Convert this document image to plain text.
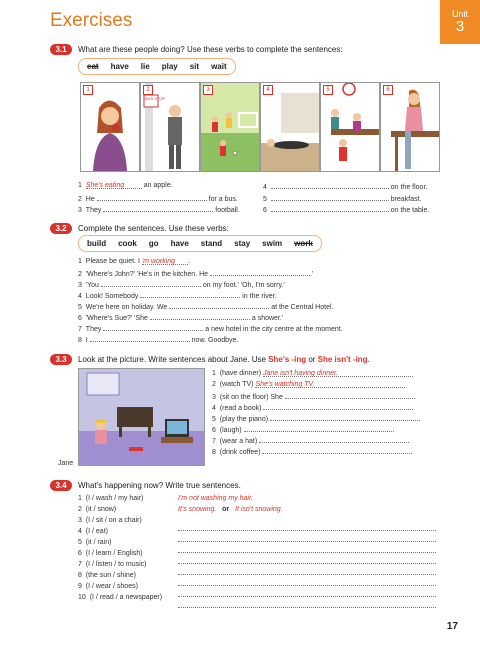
Exercises	Unit
3
3.1	What are these people doing? Use these verbs to complete the sentences:
eat have lie play sit wait
1	2
BUS STOP
3	4	5	6
1 She's eating	an apple.
2 He	for a bus.
3 They	football.
4	on the floor.
5	breakfast.
6	on the table.
3.2	Complete the sentences. Use these verbs:
build cook go have stand stay swim work
1 Please be quiet. I 'm working .
2 'Where's John?' 'He's in the kitchen. He	.'
3 'You	on my foot.' 'Oh, I'm sorry.'
4 Look! Somebody	in the river.
5 We're here on holiday. We	at the Central Hotel.
6 'Where's Sue?' 'She	a shower.'
7 They	a new hotel in the city centre at the moment.
8 I	now. Goodbye.
3.3	Look at the picture. Write sentences about Jane. Use She's -ing or She isn't -ing.
Jane
1 (have dinner) Jane isn't having dinner.
2 (watch TV) She's watching TV.
3 (sit on the floor) She
4 (read a book)
5 (play the piano)
6 (laugh)
7 (wear a hat)
8 (drink coffee)
3.4	What's happening now? Write true sentences.
1 (I / wash / my hair)	I'm not washing my hair.
2 (it / snow)	It's snowing. or It isn't snowing.
3 (I / sit / on a chair)
4 (I / eat)
5 (it / rain)
6 (I / learn / English)
7 (I / listen / to music)
8 (the sun / shine)
9 (I / wear / shoes)
10 (I / read / a newspaper)
17
